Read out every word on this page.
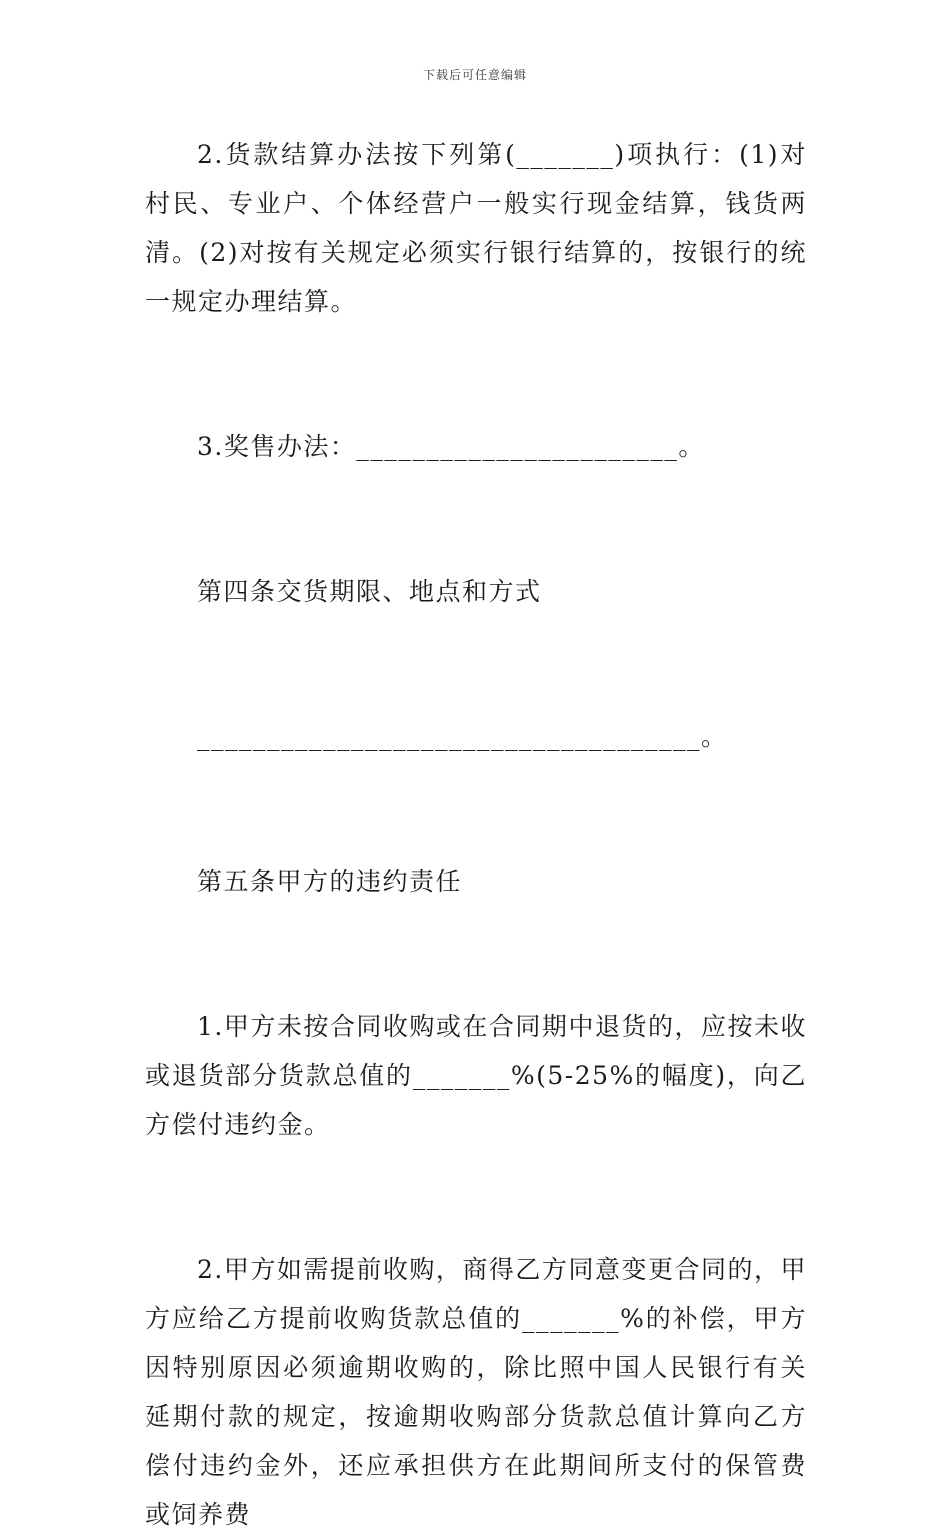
下载后可任意编辑

2.货款结算办法按下列第(_______)项执行：(1)对村民、专业户、个体经营户一般实行现金结算，钱货两清。(2)对按有关规定必须实行银行结算的，按银行的统一规定办理结算。

3.奖售办法：_______________________。

第四条交货期限、地点和方式

____________________________________。

第五条甲方的违约责任

1.甲方未按合同收购或在合同期中退货的，应按未收或退货部分货款总值的_______%(5-25%的幅度)，向乙方偿付违约金。

2.甲方如需提前收购，商得乙方同意变更合同的，甲方应给乙方提前收购货款总值的_______%的补偿，甲方因特别原因必须逾期收购的，除比照中国人民银行有关延期付款的规定，按逾期收购部分货款总值计算向乙方偿付违约金外，还应承担供方在此期间所支付的保管费或饲养费
